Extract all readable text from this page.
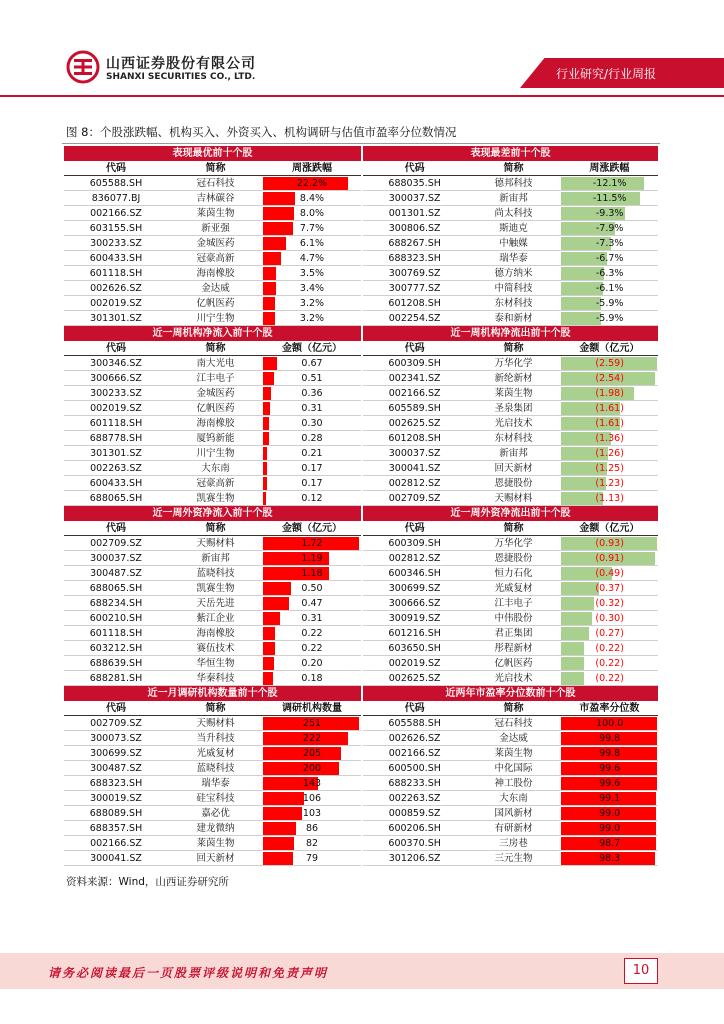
山西证券股份有限公司
SHANXI SECURITIES CO., LTD.	行业研究/行业周报
图 8：个股涨跌幅、机构买入、外资买入、机构调研与估值市盈率分位数情况
表现最优前十个股
代码	简称	周涨跌幅
605588.SH	冠石科技	22.2%
836077.BJ	吉林碳谷	8.4%
002166.SZ	莱茵生物	8.0%
603155.SH	新亚强	7.7%
300233.SZ	金城医药	6.1%
600433.SH	冠豪高新	4.7%
601118.SH	海南橡胶	3.5%
002626.SZ	金达威	3.4%
002019.SZ	亿帆医药	3.2%
301301.SZ	川宁生物	3.2%
表现最差前十个股
代码	简称	周涨跌幅
688035.SH	德邦科技	-12.1%
300037.SZ	新宙邦	-11.5%
001301.SZ	尚太科技	-9.3%
300806.SZ	斯迪克	-7.9%
688267.SH	中触媒	-7.3%
688323.SH	瑞华泰	-6.7%
300769.SZ	德方纳米	-6.3%
300777.SZ	中简科技	-6.1%
601208.SH	东材科技	-5.9%
002254.SZ	泰和新材	-5.9%
近一周机构净流入前十个股
代码	简称	金额（亿元）
300346.SZ	南大光电	0.67
300666.SZ	江丰电子	0.51
300233.SZ	金城医药	0.36
002019.SZ	亿帆医药	0.31
601118.SH	海南橡胶	0.30
688778.SH	厦钨新能	0.28
301301.SZ	川宁生物	0.21
002263.SZ	大东南	0.17
600433.SH	冠豪高新	0.17
688065.SH	凯赛生物	0.12
近一周机构净流出前十个股
代码	简称	金额（亿元）
600309.SH	万华化学	(2.59)
002341.SZ	新纶新材	(2.54)
002166.SZ	莱茵生物	(1.98)
605589.SH	圣泉集团	(1.61)
002625.SZ	光启技术	(1.61)
601208.SH	东材科技	(1.36)
300037.SZ	新宙邦	(1.26)
300041.SZ	回天新材	(1.25)
002812.SZ	恩捷股份	(1.23)
002709.SZ	天赐材料	(1.13)
近一周外资净流入前十个股
代码	简称	金额（亿元）
002709.SZ	天赐材料	1.72
300037.SZ	新宙邦	1.19
300487.SZ	蓝晓科技	1.18
688065.SH	凯赛生物	0.50
688234.SH	天岳先进	0.47
600210.SH	紫江企业	0.31
601118.SH	海南橡胶	0.22
603212.SH	赛伍技术	0.22
688639.SH	华恒生物	0.20
688281.SH	华秦科技	0.18
近一周外资净流出前十个股
代码	简称	金额（亿元）
600309.SH	万华化学	(0.93)
002812.SZ	恩捷股份	(0.91)
600346.SH	恒力石化	(0.49)
300699.SZ	光威复材	(0.37)
300666.SZ	江丰电子	(0.32)
300919.SZ	中伟股份	(0.30)
601216.SH	君正集团	(0.27)
603650.SH	彤程新材	(0.22)
002019.SZ	亿帆医药	(0.22)
002625.SZ	光启技术	(0.22)
近一月调研机构数量前十个股
代码	简称	调研机构数量
002709.SZ	天赐材料	251
300073.SZ	当升科技	222
300699.SZ	光威复材	205
300487.SZ	蓝晓科技	200
688323.SH	瑞华泰	143
300019.SZ	硅宝科技	106
688089.SH	嘉必优	103
688357.SH	建龙微纳	86
002166.SZ	莱茵生物	82
300041.SZ	回天新材	79
近两年市盈率分位数前十个股
代码	简称	市盈率分位数
605588.SH	冠石科技	100.0
002626.SZ	金达威	99.8
002166.SZ	莱茵生物	99.8
600500.SH	中化国际	99.6
688233.SH	神工股份	99.6
002263.SZ	大东南	99.1
000859.SZ	国风新材	99.0
600206.SH	有研新材	99.0
600370.SH	三房巷	98.7
301206.SZ	三元生物	98.3
资料来源：Wind，山西证券研究所
请务必阅读最后一页股票评级说明和免责声明	10
